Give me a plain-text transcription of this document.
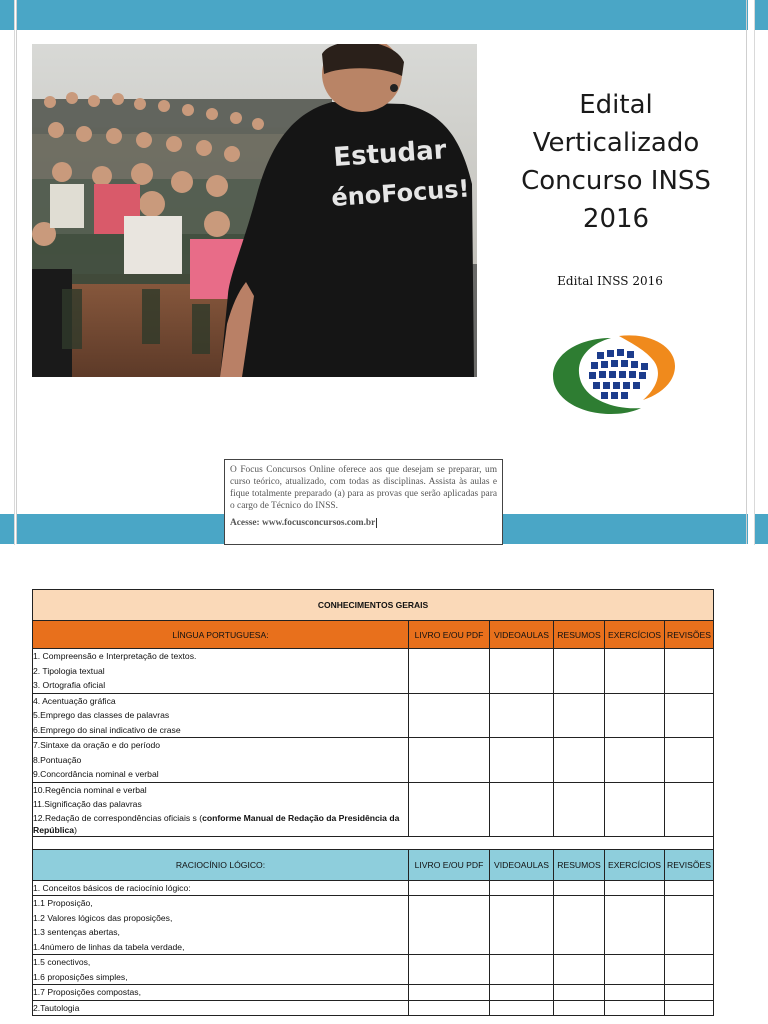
Estudar
énoFocus!
Edital
Verticalizado
Concurso INSS
2016
Edital INSS 2016
O Focus Concursos Online oferece aos que desejam se preparar, um curso teórico, atualizado, com todas as disciplinas. Assista às aulas e fique totalmente preparado (a) para as provas que serão aplicadas para o cargo de Técnico do INSS.
Acesse: www.focusconcursos.com.br
CONHECIMENTOS GERAIS					
LÍNGUA PORTUGUESA:	LIVRO E/OU PDF	VIDEOAULAS	RESUMOS	EXERCÍCIOS	REVISÕES

1. Compreensão e Interpretação de textos.
2. Tipologia textual
3. Ortografia oficial					

4. Acentuação gráfica
5.Emprego das classes de palavras
6.Emprego do sinal indicativo de crase					

7.Sintaxe da oração e do período
8.Pontuação
9.Concordância nominal e verbal					

10.Regência nominal e verbal
11.Significação das palavras
12.Redação de correspondências oficiais s (conforme Manual de Redação da Presidência da República)					

RACIOCÍNIO LÓGICO:	LIVRO E/OU PDF	VIDEOAULAS	RESUMOS	EXERCÍCIOS	REVISÕES

1. Conceitos básicos de raciocínio lógico:					

1.1 Proposição,
1.2 Valores lógicos das proposições,
1.3 sentenças abertas,
1.4número de linhas da tabela verdade,					

1.5 conectivos,
1.6 proposições simples,					

1.7 Proposições compostas,					

2.Tautologia					
